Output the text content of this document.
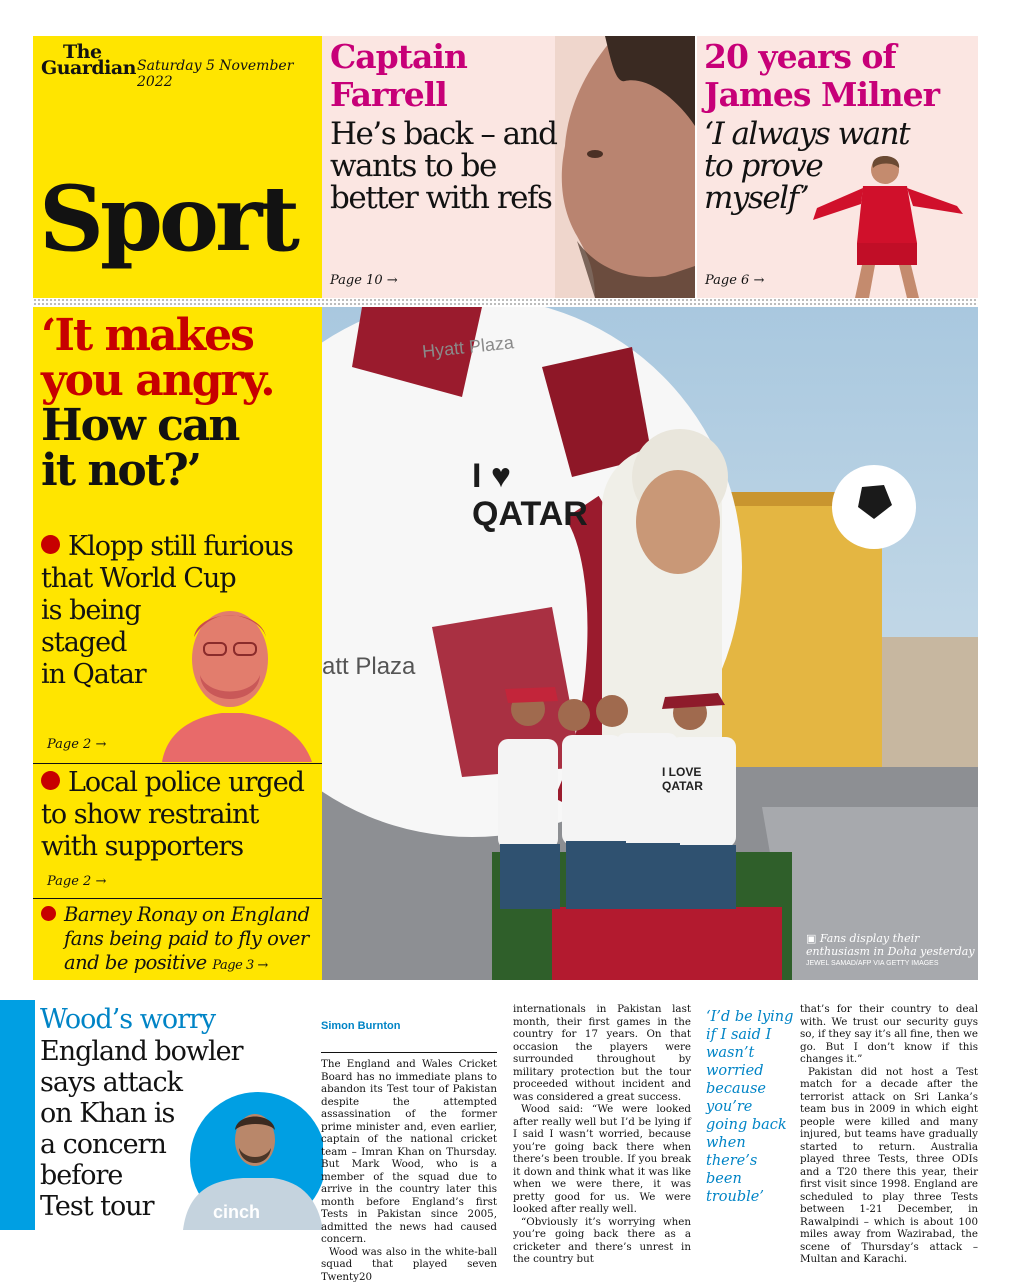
The
Guardian Saturday 5 November 2022
Sport
Captain
Farrell
He’s back – and
wants to be
better with refs
Page 10 →
20 years of
James Milner
‘I always want
to prove
myself’
Page 6 →
‘It makes
you angry.
How can
it not?’
Klopp still furious
that World Cup
is being
staged
in Qatar
Page 2 →
Local police urged
to show restraint
with supporters
Page 2 →
Barney Ronay on England
fans being paid to fly over
and be positive Page 3 →
Hyatt Plaza
I ♥ QATAR
att Plaza
I LOVE QATAR
▣ Fans display their enthusiasm in Doha yesterday
JEWEL SAMAD/AFP VIA GETTY IMAGES
Wood’s worry
England bowler
says attack
on Khan is
a concern
before
Test tour	cinch
Simon Burnton

The England and Wales Cricket Board has no immediate plans to abandon its Test tour of Pakistan despite the attempted assassination of the former prime minister and, even earlier, captain of the national cricket team – Imran Khan on Thursday. But Mark Wood, who is a member of the squad due to arrive in the country later this month before England’s first Tests in Pakistan since 2005, admitted the news had caused concern.

Wood was also in the white-ball squad that played seven Twenty20

internationals in Pakistan last month, their first games in the country for 17 years. On that occasion the players were surrounded throughout by military protection but the tour proceeded without incident and was considered a great success.

Wood said: “We were looked after really well but I’d be lying if I said I wasn’t worried, because you’re going back there when there’s been trouble. If you break it down and think what it was like when we were there, it was pretty good for us. We were looked after really well.

“Obviously it’s worrying when you’re going back there as a cricketer and there’s unrest in the country but

‘I’d be lying if I said I wasn’t worried because you’re going back when there’s been trouble’

that’s for their country to deal with. We trust our security guys so, if they say it’s all fine, then we go. But I don’t know if this changes it.”

Pakistan did not host a Test match for a decade after the terrorist attack on Sri Lanka’s team bus in 2009 in which eight people were killed and many injured, but teams have gradually started to return. Australia played three Tests, three ODIs and a T20 there this year, their first visit since 1998. England are scheduled to play three Tests between 1-21 December, in Rawalpindi – which is about 100 miles away from Wazirabad, the scene of Thursday’s attack – Multan and Karachi.
